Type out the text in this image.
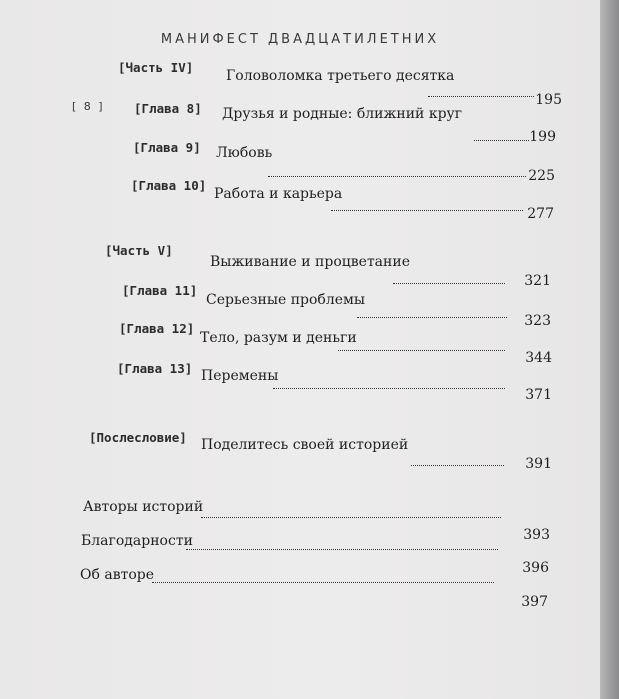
МАНИФЕСТ ДВАДЦАТИЛЕТНИХ
[ 8 ]
[Часть IV]
Головоломка третьего десятка
195
[Глава 8] Друзья и родные: ближний круг
199
[Глава 9] Любовь
225
[Глава 10]
Работа и карьера
277
[Часть V]
Выживание и процветание
321
[Глава 11]
Серьезные проблемы
323
[Глава 12]
Тело, разум и деньги
344
[Глава 13] Перемены
371
[Послесловие] Поделитесь своей историей
391
Авторы историй
393
Благодарности
396
Об авторе
397
